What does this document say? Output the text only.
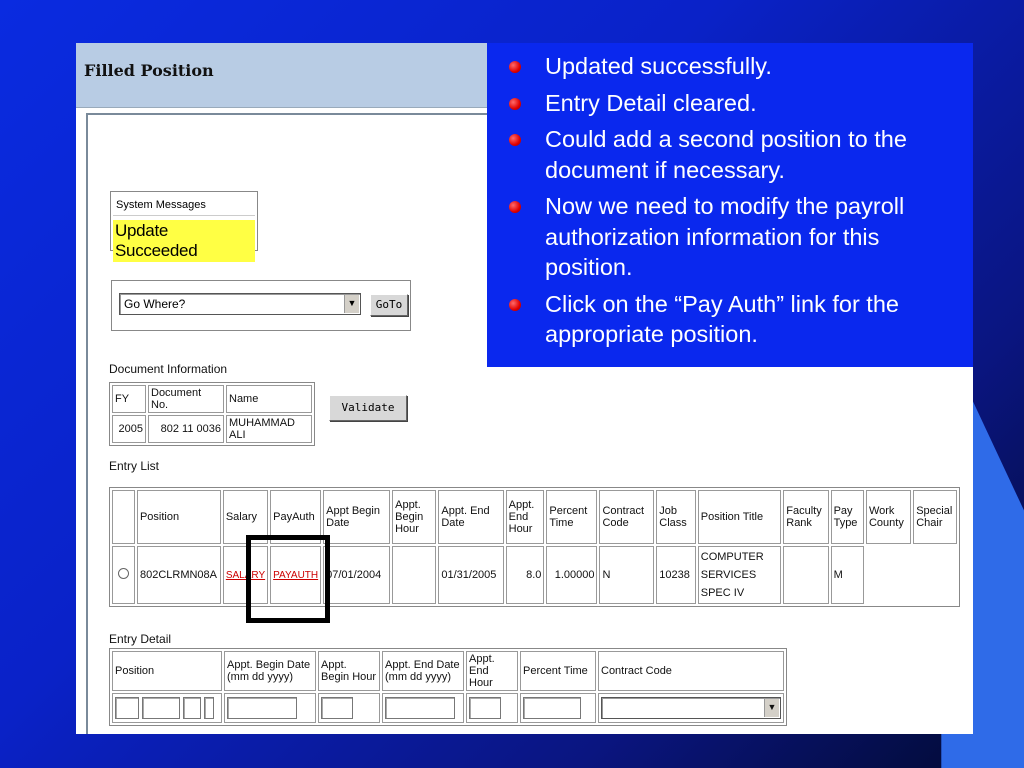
Filled Position
System Messages
Update Succeeded
Go Where?	▼	GoTo
Document Information
FY	Document No.	Name
2005	802 11 0036	MUHAMMAD ALI
Validate
Entry List
	Position	Salary	PayAuth	Appt Begin Date	Appt. Begin Hour	Appt. End Date	Appt. End Hour	Percent Time	Contract Code	Job Class	Position Title	Faculty Rank	Pay Type	Work County	Special Chair
	802CLRMN08A	SALARY	PAYAUTH	07/01/2004		01/31/2005	8.0	1.00000	N	10238	COMPUTER SERVICES SPEC IV		M		
Entry Detail
Position	Appt. Begin Date (mm dd yyyy)	Appt. Begin Hour	Appt. End Date (mm dd yyyy)	Appt. End Hour	Percent Time	Contract Code

						▼
Updated successfully.
Entry Detail cleared.
Could add a second position to the document if necessary.
Now we need to modify the payroll authorization information for this position.
Click on the “Pay Auth” link for the appropriate position.
